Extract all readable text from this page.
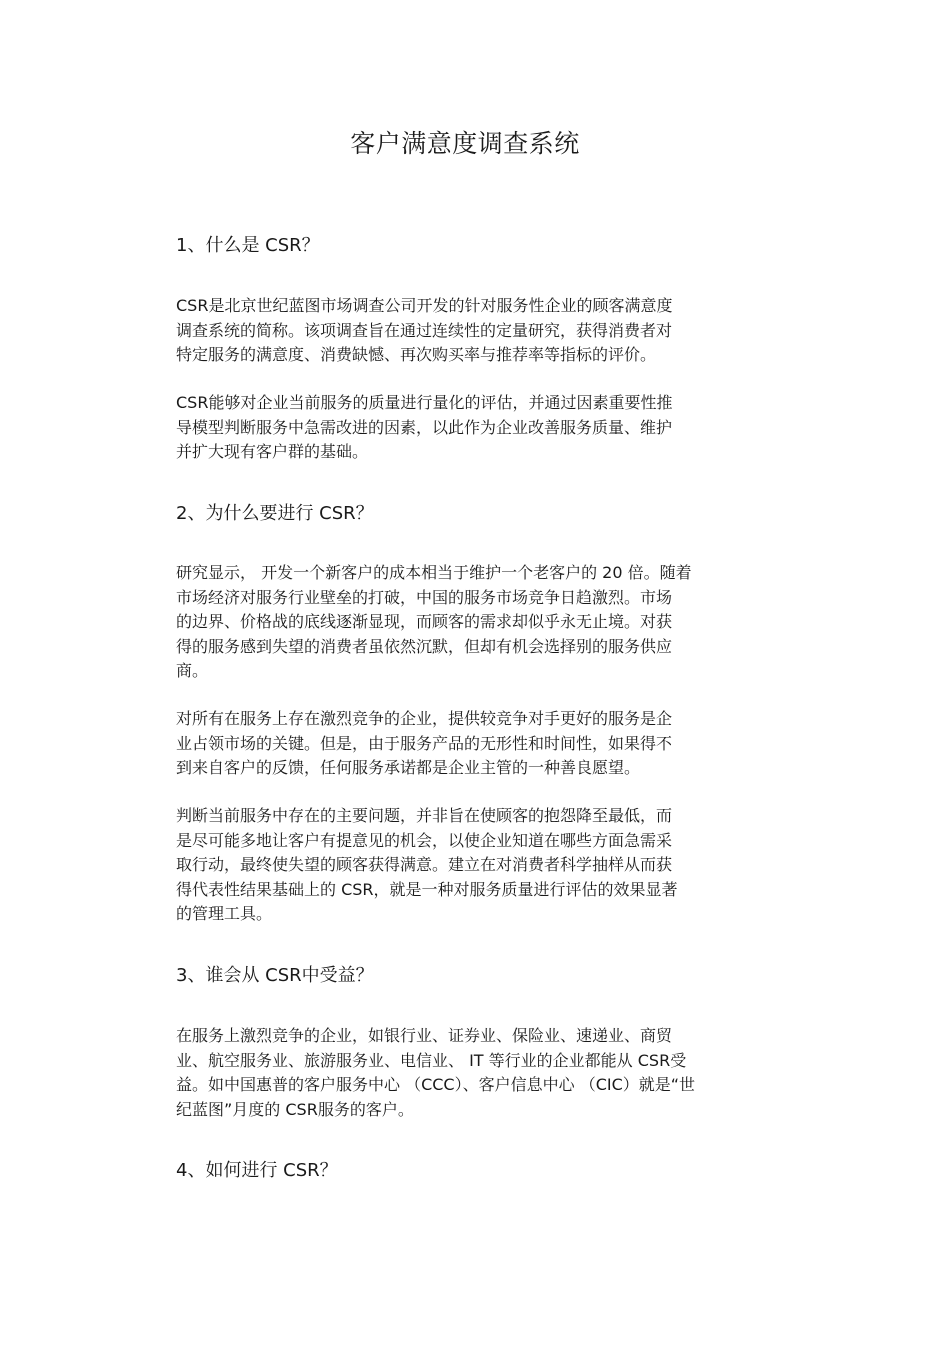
客户满意度调查系统
1、什么是 CSR？
CSR是北京世纪蓝图市场调查公司开发的针对服务性企业的顾客满意度
调查系统的简称。该项调查旨在通过连续性的定量研究，获得消费者对
特定服务的满意度、消费缺憾、再次购买率与推荐率等指标的评价。
CSR能够对企业当前服务的质量进行量化的评估，并通过因素重要性推
导模型判断服务中急需改进的因素，以此作为企业改善服务质量、维护
并扩大现有客户群的基础。
2、为什么要进行 CSR？
研究显示， 开发一个新客户的成本相当于维护一个老客户的 20 倍。随着
市场经济对服务行业壁垒的打破，中国的服务市场竞争日趋激烈。市场
的边界、价格战的底线逐渐显现，而顾客的需求却似乎永无止境。对获
得的服务感到失望的消费者虽依然沉默，但却有机会选择别的服务供应
商。
对所有在服务上存在激烈竞争的企业，提供较竞争对手更好的服务是企
业占领市场的关键。但是，由于服务产品的无形性和时间性，如果得不
到来自客户的反馈，任何服务承诺都是企业主管的一种善良愿望。
判断当前服务中存在的主要问题，并非旨在使顾客的抱怨降至最低，而
是尽可能多地让客户有提意见的机会，以使企业知道在哪些方面急需采
取行动，最终使失望的顾客获得满意。建立在对消费者科学抽样从而获
得代表性结果基础上的 CSR，就是一种对服务质量进行评估的效果显著
的管理工具。
3、谁会从 CSR中受益？
在服务上激烈竞争的企业，如银行业、证券业、保险业、速递业、商贸
业、航空服务业、旅游服务业、电信业、 IT 等行业的企业都能从 CSR受
益。如中国惠普的客户服务中心 （CCC）、客户信息中心 （CIC）就是“世
纪蓝图”月度的 CSR服务的客户。
4、如何进行 CSR？
